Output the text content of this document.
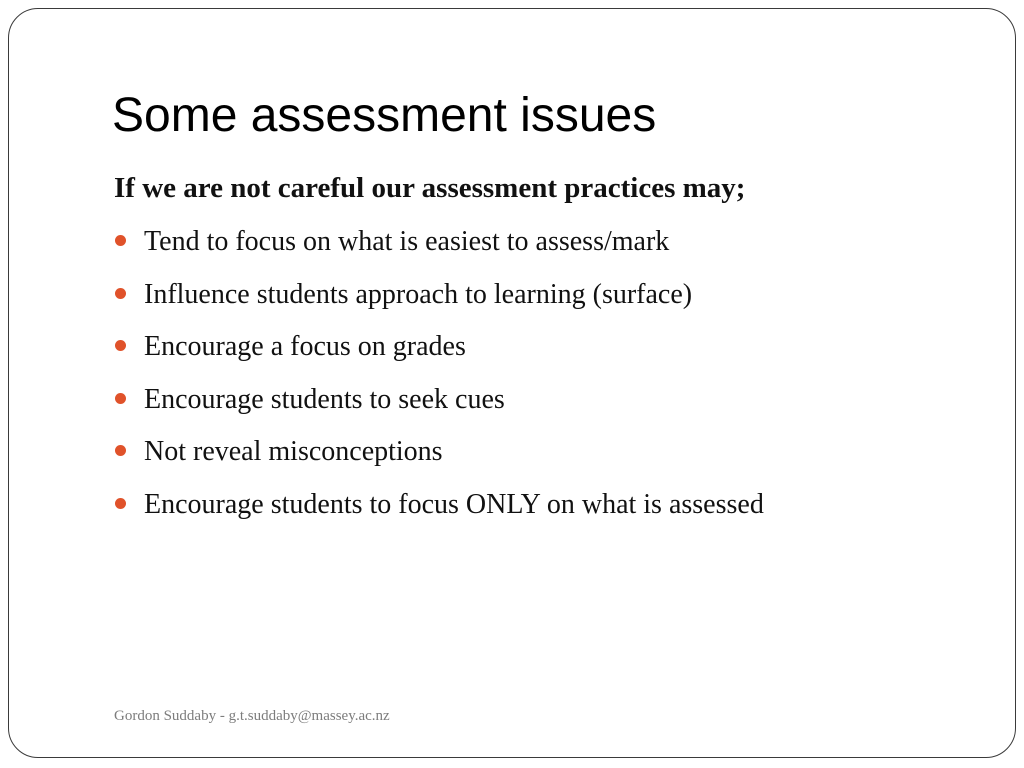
Some assessment issues
If we are not careful our assessment practices may;
Tend to focus on what is easiest to assess/mark
Influence students approach to learning (surface)
Encourage a focus on grades
Encourage students to seek cues
Not reveal misconceptions
Encourage students to focus ONLY on what is assessed
Gordon Suddaby - g.t.suddaby@massey.ac.nz
